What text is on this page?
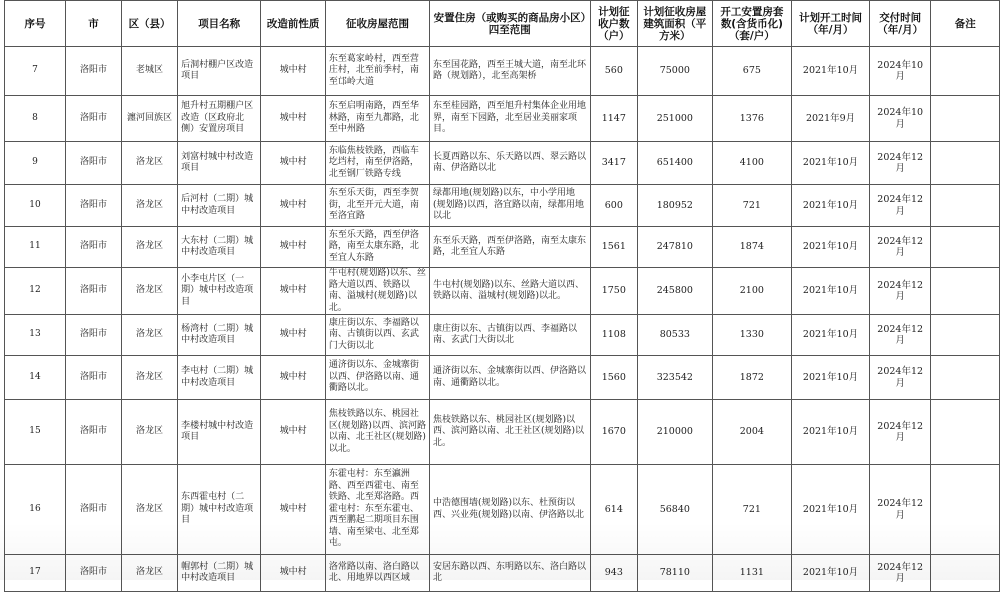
序号	市	区（县）	项目名称	改造前性质	征收房屋范围	安置住房（或购买的商品房小区）四至范围	计划征收户数（户）	计划征收房屋建筑面积（平方米）	开工安置房套数(含货币化)（套/户）	计划开工时间（年/月）	交付时间（年/月）	备注
7	洛阳市	老城区	后洞村棚户区改造项目	城中村	东至葛家岭村，西至营庄村，北至前季村，南至邙岭大道	东至国花路，西至王城大道，南至北环路（规划路），北至高架桥	560	75000	675	2021年10月	2024年10月	
8	洛阳市	瀍河回族区	旭升村五期棚户区改造（区政府北侧）安置房项目	城中村	东至启明南路，西至华林路，南至九都路，北至中州路	东至桂园路，西至旭升村集体企业用地界，南至下园路，北至居业美丽家项目。	1147	251000	1376	2021年9月	2024年10月	
9	洛阳市	洛龙区	刘富村城中村改造项目	城中村	东临焦枝铁路，西临车圪垱村，南至伊洛路，北至钢厂铁路专线	长夏西路以东、乐天路以西、翠云路以南、伊洛路以北	3417	651400	4100	2021年10月	2024年12月	
10	洛阳市	洛龙区	后河村（二期）城中村改造项目	城中村	东至乐天街，西至李贺街，北至开元大道，南至洛宜路	绿都用地(规划路)以东，中小学用地(规划路)以西，洛宜路以南，绿都用地以北	600	180952	721	2021年10月	2024年12月	
11	洛阳市	洛龙区	大东村（二期）城中村改造项目	城中村	东至乐天路，西至伊洛路，南至太康东路，北至宜人东路	东至乐天路，西至伊洛路，南至太康东路，北至宜人东路	1561	247810	1874	2021年10月	2024年12月	
12	洛阳市	洛龙区	小李屯片区（一期）城中村改造项目	城中村	牛屯村(规划路)以东、丝路大道以西、铁路以南、溢城村(规划路)以北。	牛屯村(规划路)以东、丝路大道以西、铁路以南、溢城村(规划路)以北。	1750	245800	2100	2021年10月	2024年12月	
13	洛阳市	洛龙区	杨湾村（二期）城中村改造项目	城中村	康庄街以东、李福路以南、古镇街以西、玄武门大街以北	康庄街以东、古镇街以西、李福路以南、玄武门大街以北	1108	80533	1330	2021年10月	2024年12月	
14	洛阳市	洛龙区	李屯村（二期）城中村改造项目	城中村	通济街以东、金城寨街以西、伊洛路以南、通衢路以北。	通济街以东、金城寨街以西、伊洛路以南、通衢路以北。	1560	323542	1872	2021年10月	2024年12月	
15	洛阳市	洛龙区	李楼村城中村改造项目	城中村	焦枝铁路以东、桃园社区(规划路)以西、滨河路以南、北王社区(规划路)以北。	焦枝铁路以东、桃园社区(规划路)以西、滨河路以南、北王社区(规划路)以北。	1670	210000	2004	2021年10月	2024年12月	
16	洛阳市	洛龙区	东西霍屯村（二期）城中村改造项目	城中村	东霍屯村：东至瀛洲路、西至西霍屯、南至铁路、北至郑洛路。西霍屯村：东至东霍屯、西至鹏起二期项目东围墙、南至梁屯、北至郑屯。	中浩德围墙(规划路)以东、杜预街以西、兴业苑(规划路)以南、伊洛路以北	614	56840	721	2021年10月	2024年12月	
17	洛阳市	洛龙区	帽郭村（二期）城中村改造项目	城中村	洛常路以南、洛白路以北、用地界以西区域	安居东路以西、东明路以东、洛白路以北	943	78110	1131	2021年10月	2024年12月	
